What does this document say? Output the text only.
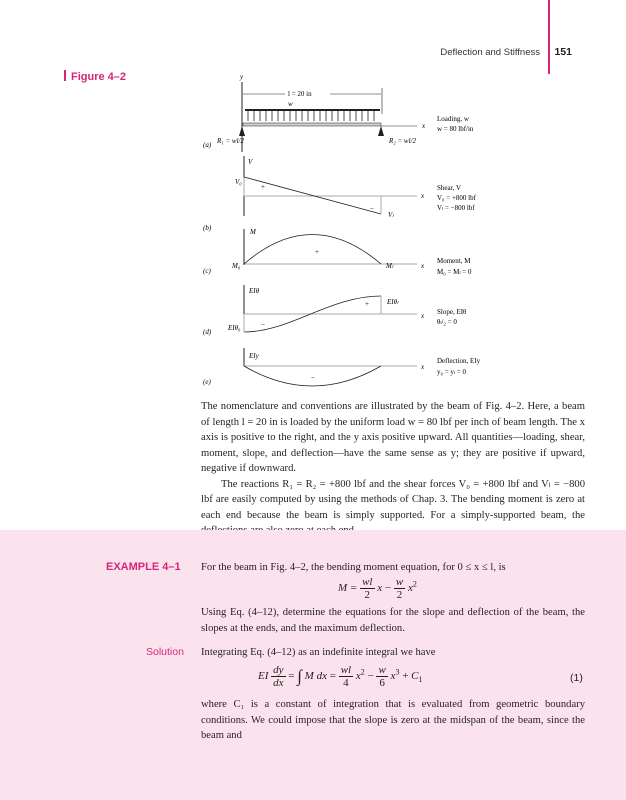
Deflection and Stiffness 151
Figure 4–2	y
l = 20 in
w
x
R₁ = wl/2	R₂ = wl/2
(a)
Loading, w
w = 80 lbf/in
V
V₀
x
+
−
Vₗ
(b)
Shear, V
V₀ = +800 lbf
Vₗ = −800 lbf
M
+
M₀	Mₗ	x
(c)
Moment, M
M₀ = Mₗ = 0
EIθ
+
−
EIθₗ
EIθ₀
x
(d)
Slope, EIθ
θₗ/₂ = 0
EIy
−
x
(e)
Deflection, EIy
y₀ = yₗ = 0

The nomenclature and conventions are illustrated by the beam of Fig. 4–2. Here, a beam of length l = 20 in is loaded by the uniform load w = 80 lbf per inch of beam length. The x axis is positive to the right, and the y axis positive upward. All quantities—loading, shear, moment, slope, and deflection—have the same sense as y; they are positive if upward, negative if downward.

The reactions R₁ = R₂ = +800 lbf and the shear forces V₀ = +800 lbf and Vₗ = −800 lbf are easily computed by using the methods of Chap. 3. The bending moment is zero at each end because the beam is simply supported. For a simply-supported beam, the

EXAMPLE 4–1 For the beam in Fig. 4–2, the bending moment equation, for 0 ≤ x ≤ l, is
$M = \frac{wl}{2}$ $x - \frac{w}{2} x^2$
Using Eq. (4–12), determine the equations for the slope and deflection of the beam, the slopes at the ends, and the maximum deflection.
Solution Integrating Eq. (4–12) as an indefinite integral we have
EI $\frac{dy}{dx}$ = ∫ M dx = $\frac{wl}{4} x^2 - \frac{w}{6} x^3 + C_1$	(1)
where C₁ is a constant of integration that is evaluated from geometric boundary conditions. We could impose that the slope is zero at the midspan of the beam, since the beam and
